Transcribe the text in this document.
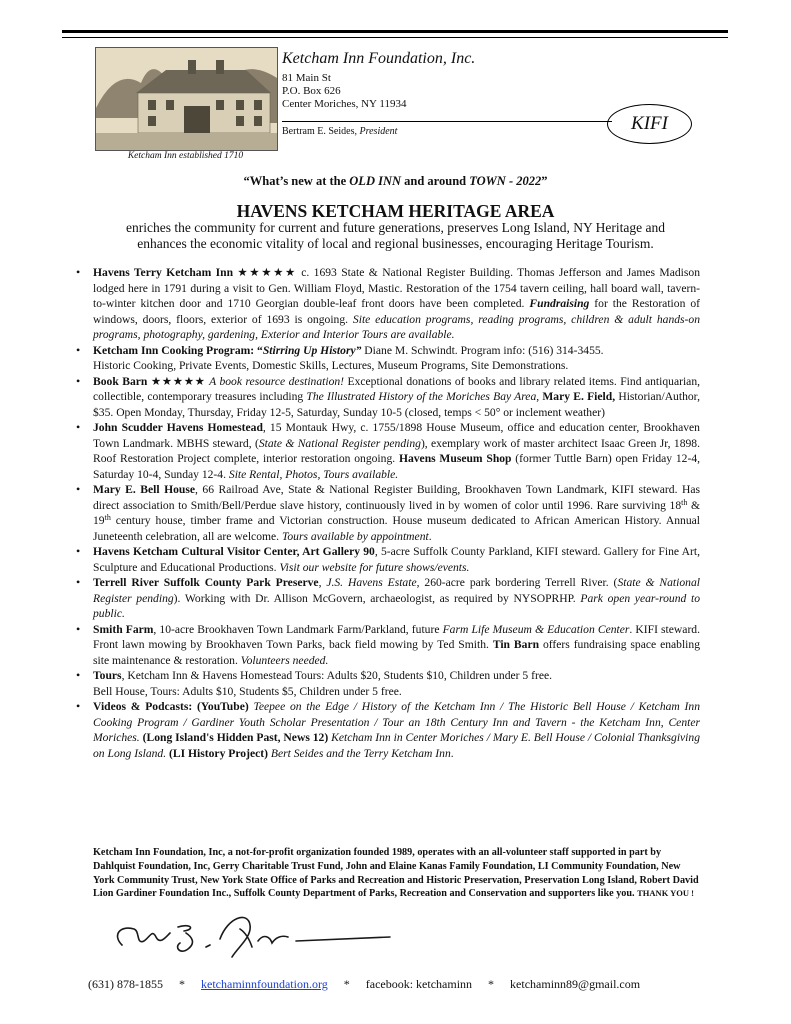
Ketcham Inn established 1710
Ketcham Inn Foundation, Inc.
81 Main St
P.O. Box 626
Center Moriches, NY 11934
Bertram E. Seides, President	KIFI
“What’s new at the OLD INN and around TOWN - 2022”
HAVENS KETCHAM HERITAGE AREA
enriches the community for current and future generations, preserves Long Island, NY Heritage and enhances the economic vitality of local and regional businesses, encouraging Heritage Tourism.
• Havens Terry Ketcham Inn ★★★★★ c. 1693 State & National Register Building. Thomas Jefferson and James Madison lodged here in 1791 during a visit to Gen. William Floyd, Mastic. Restoration of the 1754 tavern ceiling, hall board wall, tavern-to-winter kitchen door and 1710 Georgian double-leaf front doors have been completed. Fundraising for the Restoration of windows, doors, floors, exterior of 1693 is ongoing. Site education programs, reading programs, children & adult hands-on programs, photography, gardening, Exterior and Interior Tours are available.
• Ketcham Inn Cooking Program: “Stirring Up History” Diane M. Schwindt. Program info: (516) 314-3455.
Historic Cooking, Private Events, Domestic Skills, Lectures, Museum Programs, Site Demonstrations.
• Book Barn ★★★★★ A book resource destination! Exceptional donations of books and library related items. Find antiquarian, collectible, contemporary treasures including The Illustrated History of the Moriches Bay Area, Mary E. Field, Historian/Author, $35. Open Monday, Thursday, Friday 12-5, Saturday, Sunday 10-5 (closed, temps < 50° or inclement weather)
• John Scudder Havens Homestead, 15 Montauk Hwy, c. 1755/1898 House Museum, office and education center, Brookhaven Town Landmark. MBHS steward, (State & National Register pending), exemplary work of master architect Isaac Green Jr, 1898. Roof Restoration Project complete, interior restoration ongoing. Havens Museum Shop (former Tuttle Barn) open Friday 12-4, Saturday 10-4, Sunday 12-4. Site Rental, Photos, Tours available.
• Mary E. Bell House, 66 Railroad Ave, State & National Register Building, Brookhaven Town Landmark, KIFI steward. Has direct association to Smith/Bell/Perdue slave history, continuously lived in by women of color until 1996. Rare surviving 18th & 19th century house, timber frame and Victorian construction. House museum dedicated to African American History. Annual Juneteenth celebration, all are welcome. Tours available by appointment.
• Havens Ketcham Cultural Visitor Center, Art Gallery 90, 5-acre Suffolk County Parkland, KIFI steward. Gallery for Fine Art, Sculpture and Educational Productions. Visit our website for future shows/events.
• Terrell River Suffolk County Park Preserve, J.S. Havens Estate, 260-acre park bordering Terrell River. (State & National Register pending). Working with Dr. Allison McGovern, archaeologist, as required by NYSOPRHP. Park open year-round to public.
• Smith Farm, 10-acre Brookhaven Town Landmark Farm/Parkland, future Farm Life Museum & Education Center. KIFI steward. Front lawn mowing by Brookhaven Town Parks, back field mowing by Ted Smith. Tin Barn offers fundraising space enabling site maintenance & restoration. Volunteers needed.
• Tours, Ketcham Inn & Havens Homestead Tours: Adults $20, Students $10, Children under 5 free.
Bell House, Tours: Adults $10, Students $5, Children under 5 free.
• Videos & Podcasts: (YouTube) Teepee on the Edge / History of the Ketcham Inn / The Historic Bell House / Ketcham Inn Cooking Program / Gardiner Youth Scholar Presentation / Tour an 18th Century Inn and Tavern - the Ketcham Inn, Center Moriches. (Long Island's Hidden Past, News 12) Ketcham Inn in Center Moriches / Mary E. Bell House / Colonial Thanksgiving on Long Island. (LI History Project) Bert Seides and the Terry Ketcham Inn.
Ketcham Inn Foundation, Inc, a not-for-profit organization founded 1989, operates with an all-volunteer staff supported in part by Dahlquist Foundation, Inc, Gerry Charitable Trust Fund, John and Elaine Kanas Family Foundation, LI Community Foundation, New York Community Trust, New York State Office of Parks and Recreation and Historic Preservation, Preservation Long Island, Robert David Lion Gardiner Foundation Inc., Suffolk County Department of Parks, Recreation and Conservation and supporters like you. THANK YOU !
(631) 878-1855 * ketchaminnfoundation.org * facebook: ketchaminn * ketchaminn89@gmail.com
